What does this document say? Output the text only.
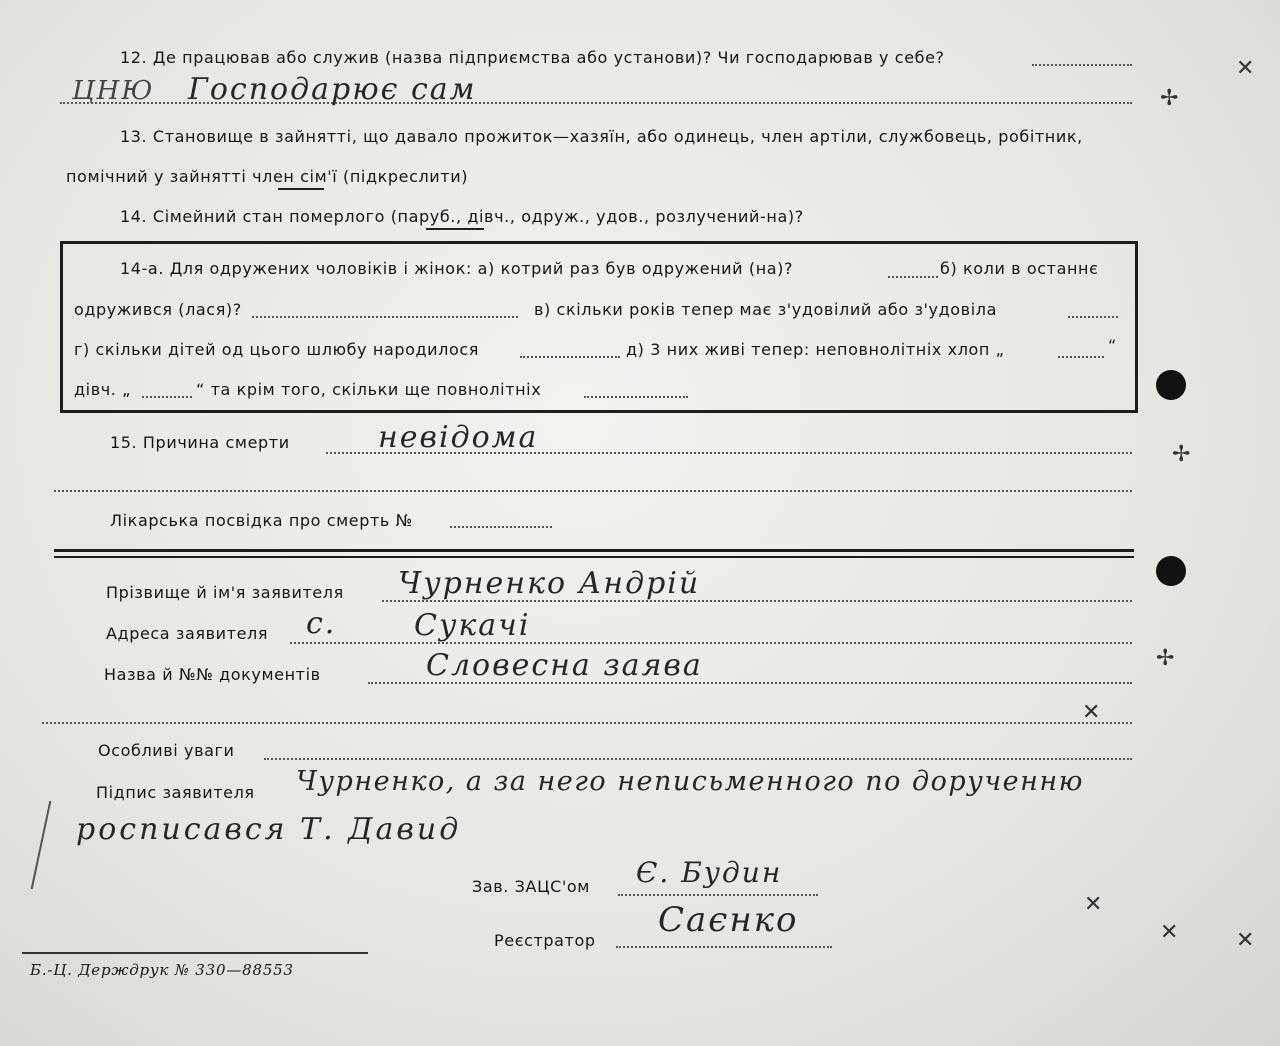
12. Де працював або служив (назва підприємства або установи)? Чи господарював у себе?
ЦНЮ Господарює сам
13. Становище в зайнятті, що давало прожиток—хазяїн, або одинець, член артіли, службовець, робітник,
помічний у зайнятті член сім'ї (підкреслити)
14. Сімейний стан померлого (паруб., дівч., одруж., удов., розлучений-на)?
14-а. Для одружених чоловіків і жінок: а) котрий раз був одружений (на)?	б) коли в останнє
одружився (лася)?	в) скільки років тепер має з'удовілий або з'удовіла
г) скільки дітей од цього шлюбу народилося	д) 3 них живі тепер: неповнолітніх хлоп „	“
дівч. „	“ та крім того, скільки ще повнолітніх
15. Причина смерти	невідома
Лікарська посвідка про смерть №
Прізвище й ім'я заявителя Чурненко Андрій
Адреса заявителя с.	Сукачі
Назва й №№ документів	Словесна заява
Особливі уваги
Підпис заявителя Чурненко, а за него неписьменного по дорученню
росписався Т. Давид
Зав. ЗАЦС'ом Є. Будин
Реєстратор
Саєнко
Б.-Ц. Держдрук № 330—88553
✕
✢
✢
✢
✕
✕
✕	✕
